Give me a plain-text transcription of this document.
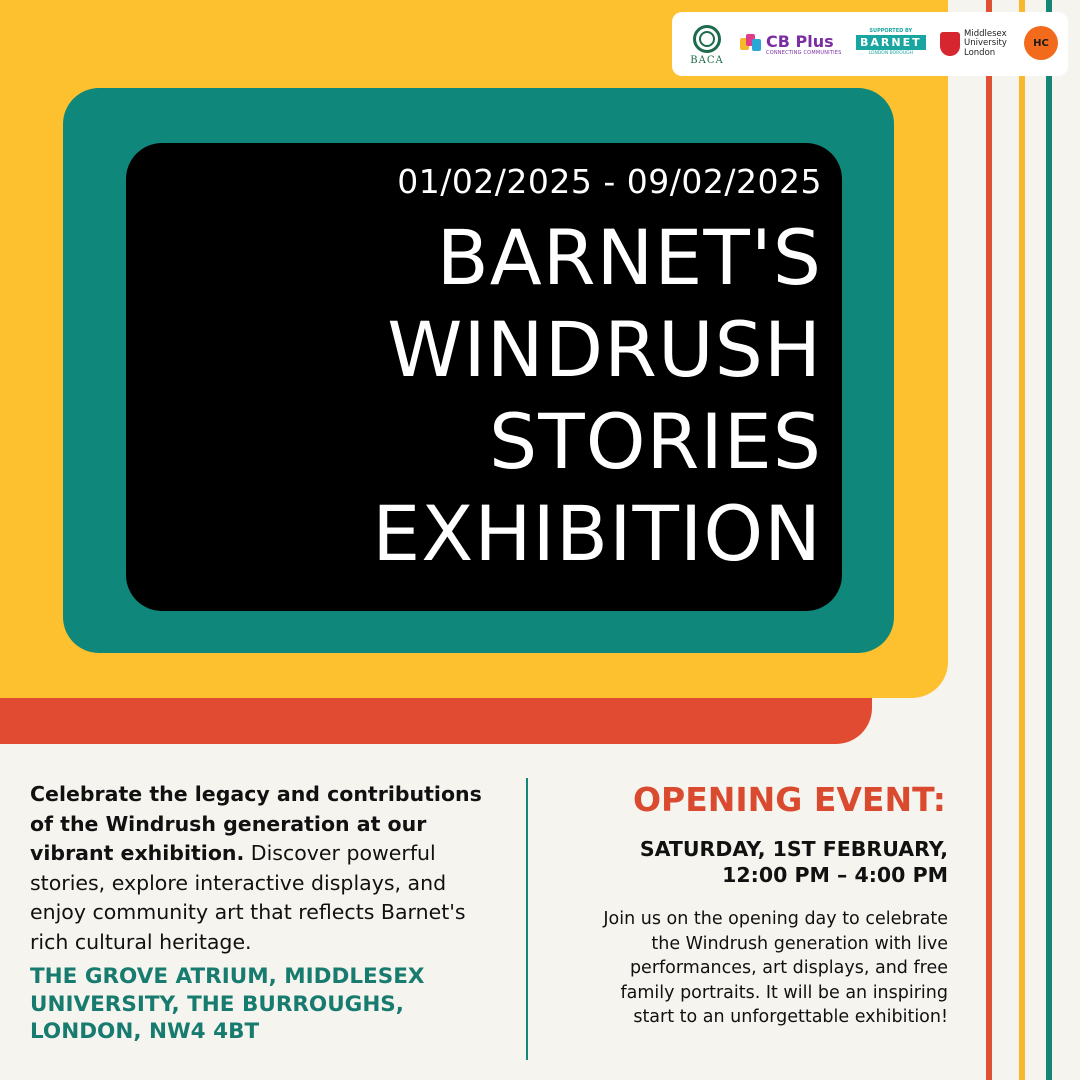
01/02/2025 - 09/02/2025
BARNET'S
WINDRUSH
STORIES
EXHIBITION
BACA
CB Plus
CONNECTING COMMUNITIES
SUPPORTED BY
BARNET
LONDON BOROUGH
Middlesex
University
London
HC
Celebrate the legacy and contributions of the Windrush generation at our vibrant exhibition. Discover powerful stories, explore interactive displays, and enjoy community art that reflects Barnet's rich cultural heritage.
THE GROVE ATRIUM, MIDDLESEX
UNIVERSITY, THE BURROUGHS,
LONDON, NW4 4BT
OPENING EVENT:
SATURDAY, 1ST FEBRUARY,
12:00 PM – 4:00 PM
Join us on the opening day to celebrate
the Windrush generation with live
performances, art displays, and free
family portraits. It will be an inspiring
start to an unforgettable exhibition!
